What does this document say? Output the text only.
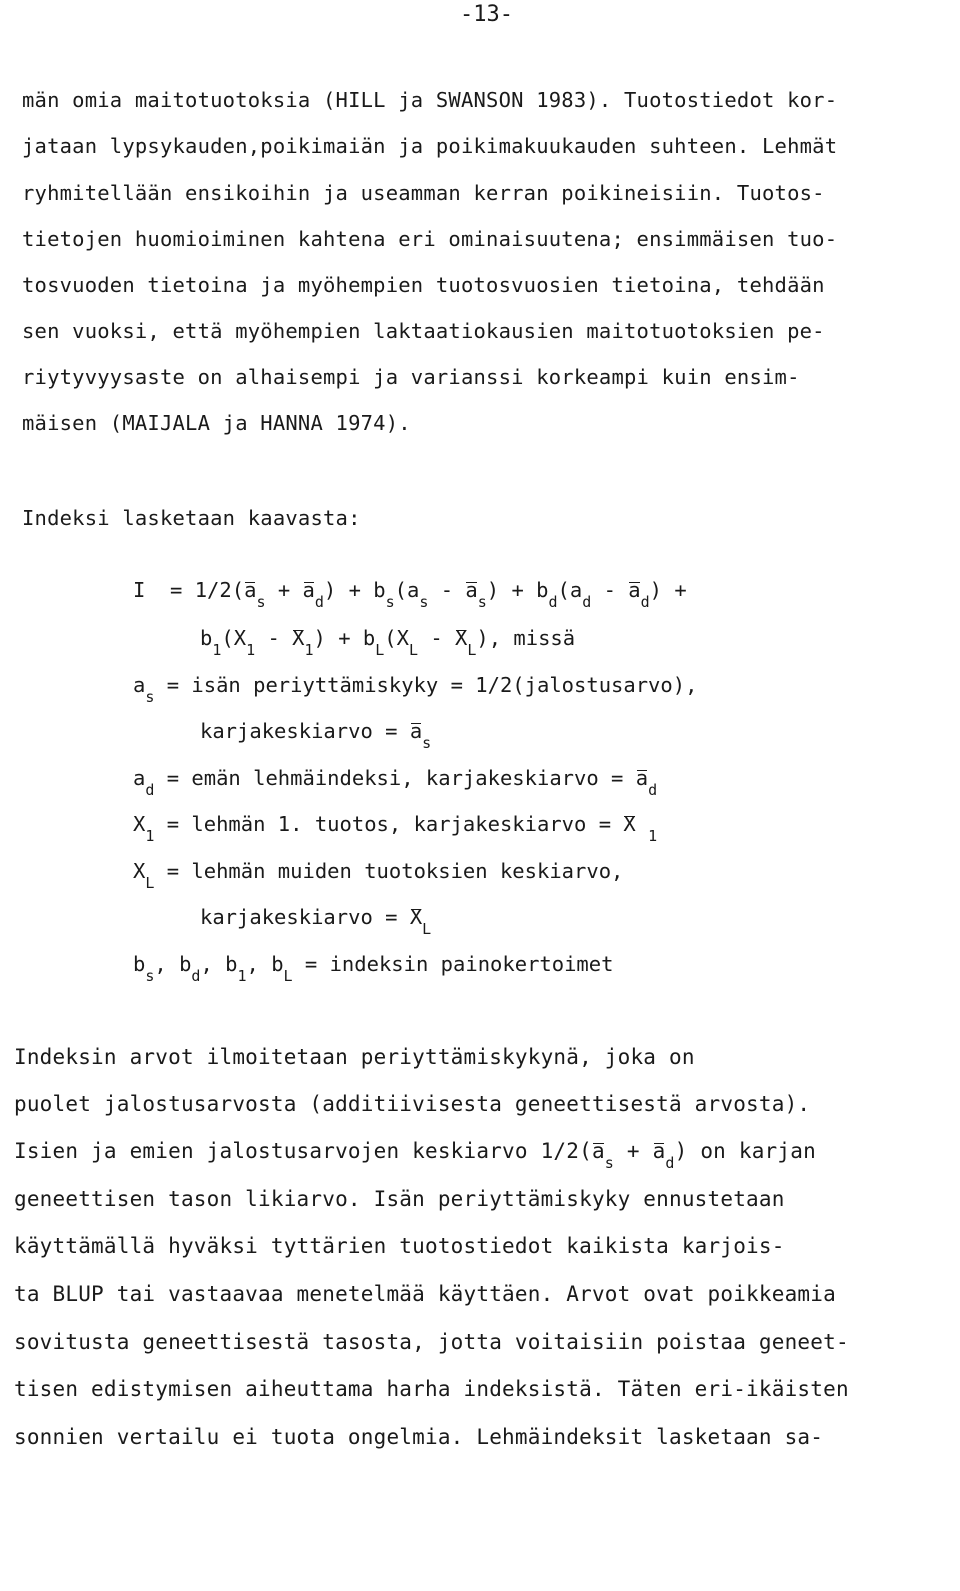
-13-
män omia maitotuotoksia (HILL ja SWANSON 1983). Tuotostiedot kor-
jataan lypsykauden,poikimaiän ja poikimakuukauden suhteen. Lehmät
ryhmitellään ensikoihin ja useamman kerran poikineisiin. Tuotos-
tietojen huomioiminen kahtena eri ominaisuutena; ensimmäisen tuo-
tosvuoden tietoina ja myöhempien tuotosvuosien tietoina, tehdään
sen vuoksi, että myöhempien laktaatiokausien maitotuotoksien pe-
riytyvyysaste on alhaisempi ja varianssi korkeampi kuin ensim-
mäisen (MAIJALA ja HANNA 1974).
Indeksi lasketaan kaavasta:
$I = 1/2(a_s + a_d) + b_s(a_s - a_s) + b_d(a_d - a_d)$ +
$b_1(X_1 - X_1) + b_L(X_L - X_L)$, missä
$a_s$ = isän periyttämiskyky = 1/2(jalostusarvo),
karjakeskiarvo = $a_s$
$a_d$ = emän lehmäindeksi, karjakeskiarvo = $a_d$
$X_1$ = lehmän 1. tuotos, karjakeskiarvo = X $_1$
$X_L$ = lehmän muiden tuotoksien keskiarvo,
karjakeskiarvo = $X_L$
$b_s$, $b_d$, $b_1$, $b_L$ = indeksin painokertoimet
Indeksin arvot ilmoitetaan periyttämiskykynä, joka on
puolet jalostusarvosta (additiivisesta geneettisestä arvosta).
Isien ja emien jalostusarvojen keskiarvo $1/2(a_s + a_d)$ on karjan
geneettisen tason likiarvo. Isän periyttämiskyky ennustetaan
käyttämällä hyväksi tyttärien tuotostiedot kaikista karjois-
ta BLUP tai vastaavaa menetelmää käyttäen. Arvot ovat poikkeamia
sovitusta geneettisestä tasosta, jotta voitaisiin poistaa geneet-
tisen edistymisen aiheuttama harha indeksistä. Täten eri-ikäisten
sonnien vertailu ei tuota ongelmia. Lehmäindeksit lasketaan sa-
